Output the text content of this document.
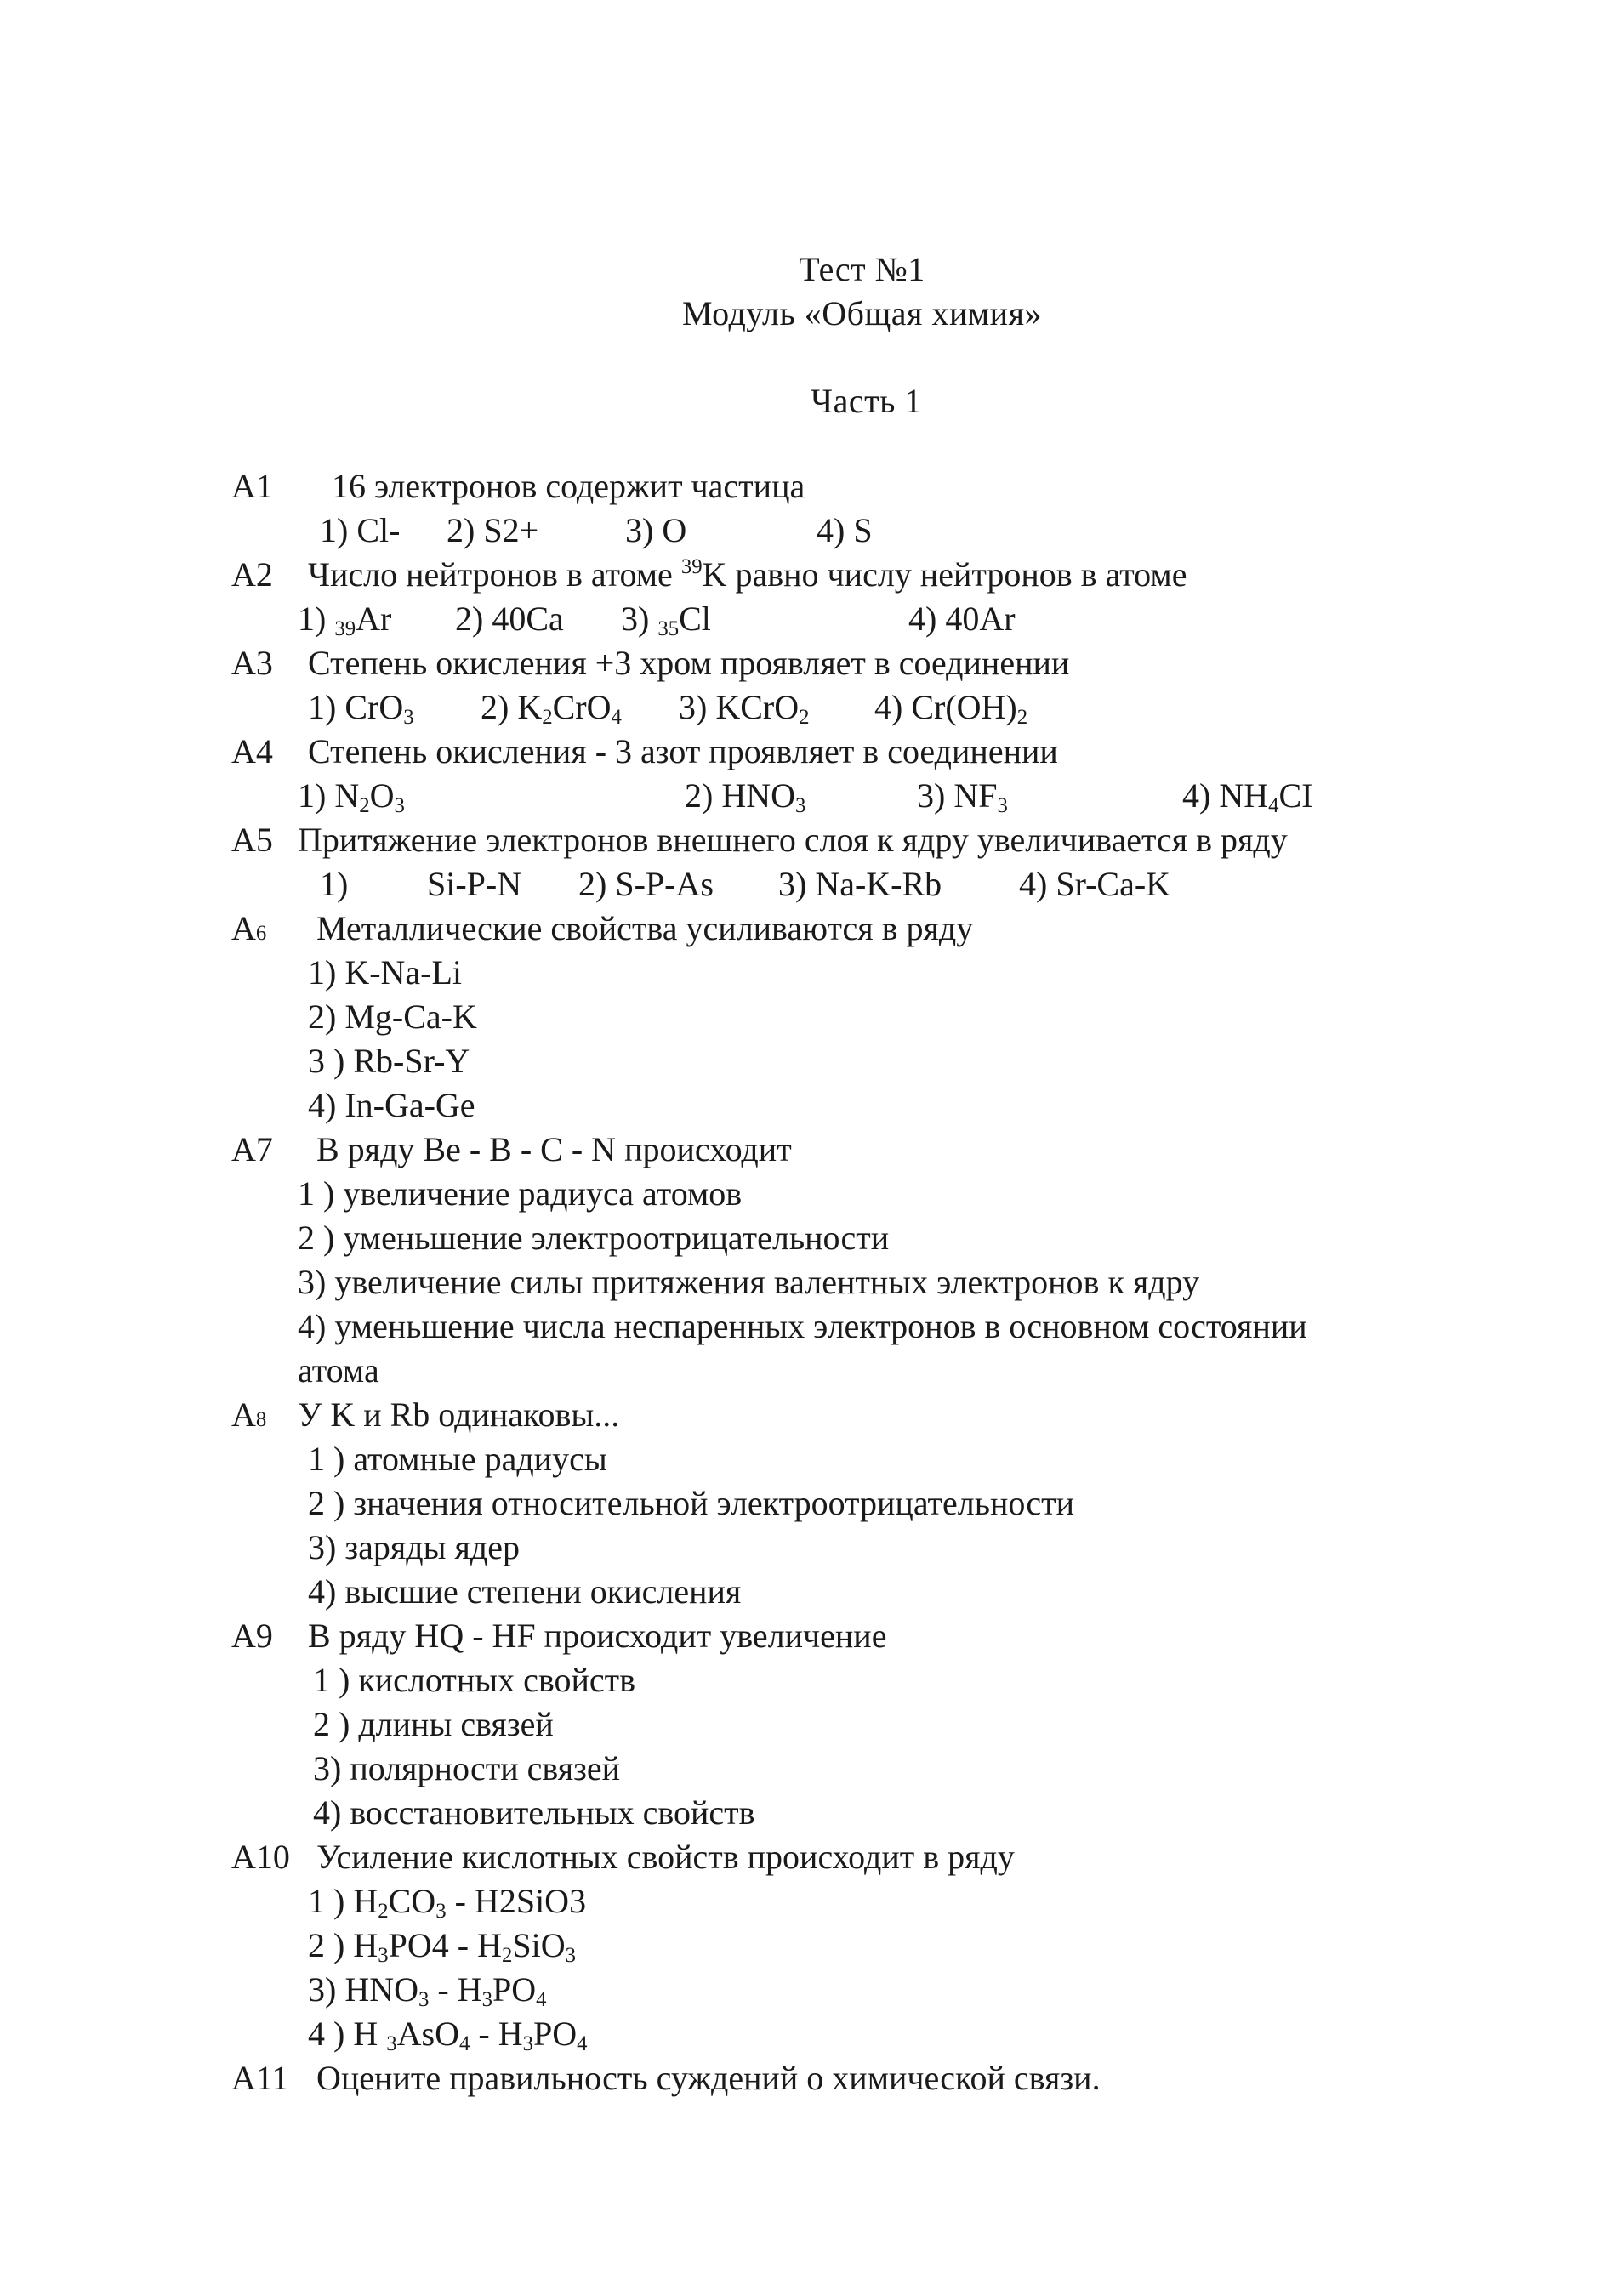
Тест №1
Модуль «Общая химия»
Часть 1
A1 16 электронов содержит частица
1) Cl- 2) S2+	3) O	4) S
A2 Число нейтронов в атоме $^{39}$K равно числу нейтронов в атоме
1) $_{39}$Ar 2) 40Ca 3) $_{35}$Cl	4) 40Ar
A3 Степень окисления +3 хром проявляет в соединении
1) CrO$_3$ 2) $K_2CrO_4$ 3) KCrO$_2$ 4) $Cr(OH)_2$
A4 Степень окисления - 3 азот проявляет в соединении
1) $N_2O_3$	2) $HNO_3$	3) $NF_3$	4) $NH_4CI$
A5 Притяжение электронов внешнего слоя к ядру увеличивается в ряду
1) Si-P-N 2) S-P-As 3) Na-K-Rb 4) Sr-Ca-K
A6 Металлические свойства усиливаются в ряду
1) K-Na-Li
2) Mg-Ca-K
3 ) Rb-Sr-Y
4) In-Ga-Ge
A7 В ряду Be - B - C - N происходит
1 ) увеличение радиуса атомов
2 ) уменьшение электроотрицательности
3) увеличение силы притяжения валентных электронов к ядру
4) уменьшение числа неспаренных электронов в основном состоянии
атома
A8 У K и Rb одинаковы...
1 ) атомные радиусы
2 ) значения относительной электроотрицательности
3) заряды ядер
4) высшие степени окисления
A9 В ряду HQ - HF происходит увеличение
1 ) кислотных свойств
2 ) длины связей
3) полярности связей
4) восстановительных свойств
A10 Усиление кислотных свойств происходит в ряду
1 ) $H_2CO_3 - H2SiO3$
2 ) $H_3PO4 - H_2SiO_3$
3) $HNO_3 - H_3PO_4$
4 ) H $_3AsO_4 - H_3PO_4$
A11 Оцените правильность суждений о химической связи.
